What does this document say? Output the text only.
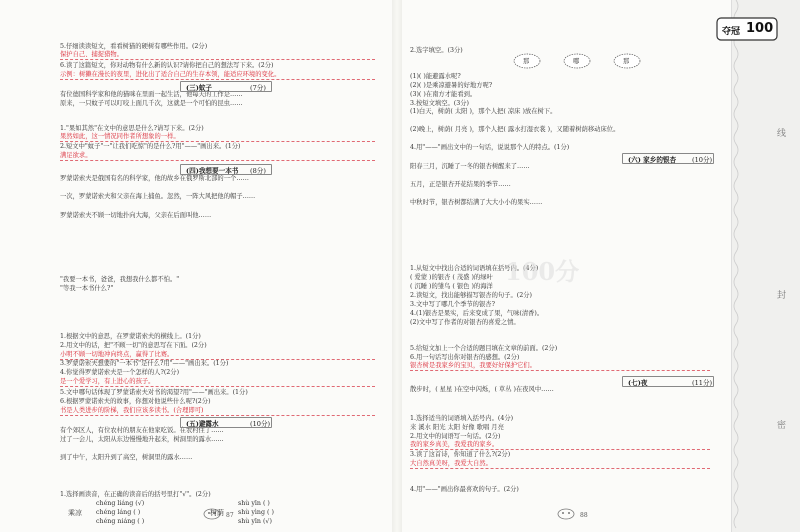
5.仔细读读短文，看看树猫的硬树有哪些作用。(2分)
保护自己、捕捉猎物。
6.读了这篇短文，你对动物有什么新的认识?请你把自己的想法写下来。(2分)
示例：树獭在漫长的夜里，进化出了适合自己的生存本领，能适应环境的变化。
有位德国科学家和他的猫咪在里面一起生活，他每天的工作是……
原来，一只蚊子可以叮咬上面几千次，这就是一个可怕的昆虫……
1."果如其然"在文中的意思是什么?请写下来。(2分)
果然如此，这一情况同作者所想象的一样。
2.短文中"蚊子"一"让我们吃惊"的是什么?用"——"画出来。(1分)
满足欲求。
罗蒙诺索夫是俄国有名的科学家，他的故乡在俄罗斯北部的一个……
一次，罗蒙诺索夫和父亲在海上捕鱼。忽然，一阵大风把他的帽子……
罗蒙诺索夫不顾一切地扑向大海，父亲在后面叫他……
"我要一本书，爸爸，我想我什么都不怕。"
"等我一本书什么?"
1.根据文中的意思，在罗蒙诺索夫的横线上。(1分)
2.用文中的话，把"不顾一切"的意思写在下面。(2分)
小明不顾一切地冲向终点，赢得了比赛。
3.罗蒙诺索夫想要的"一本书"是什么?用"——"画出来。(1分)
4.你觉得罗蒙诺索夫是一个怎样的人?(2分)
是一个爱学习，有上进心的孩子。
5.文中哪句话体现了罗蒙诺索夫对书的渴望?用"——"画出来。(1分)
6.根据罗蒙诺索夫的故事，你想对他说些什么呢?(2分)
书是人类进步的阶梯，我们应该多读书。(合理即可)
有个郊区人，有位农村的朋友在他家吃饭。在农村住了……
过了一会儿，太阳从东边慢慢地升起来，树洞里的露水……
到了中午，太阳升到了高空，树洞里的露水……
1.选择画读音，在正确的读音后的括号里打"√"。(2分)
(三)蚊子	(7分)
(四)我想要一本书 (8分)
(五)避露水	(10分)
87
乘凉
chéng liáng (√)
chéng láng ( )
chéng niáng ( )
树荫
shù yīn ( )
shù yìng ( )
shù yīn (√)
2.选字填空。(3分)
(1)( )能避露水呢?
(2)( )是乘凉避暑的好地方呢?
(3)( )在南方才能看到。
3.按短文填空。(3分)
(1)白天，树荫( 太阳 )，那个人把( 凉床 )放在树下。
(2)晚上，树荫( 月亮 )，那个人把( 露水打湿衣裳 )，又随着树荫移动床位。
4.用"——"画出文中的一句话，说说那个人的特点。(1分)
阳春三月，沉睡了一冬的银杏树醒来了……
五月，正是银杏开花结果的季节……
中秋时节，银杏树都结满了大大小小的果实……
1.从短文中找出合适的词语填在括号内。(4分)
( 爱蒙 )的银杏 ( 茂盛 )的绿叶
( 沉睡 )的雏鸟 ( 银色 )的海洋
2.读短文，找出能够描写银杏的句子。(2分)
3.文中写了哪几个季节的银杏?
4.(1)银杏是果实，后来变成了果，气味(清香)。
(2)文中写了作者的对银杏的喜爱之情。
5.给短文加上一个合适的题目填在文章的前面。(2分)
6.用一句话写出你对银杏的感想。(2分)
银杏树是我家乡的宝贝，我要好好保护它们。
散步时，( 星星 )在空中闪烁，( 草丛 )在夜风中……
1.选择适当的词语填入括号内。(4分)
来 溪水 阳光 太阳 好像 歌唱 月亮
2.用文中的词语写一句话。(2分)
我的家乡真美，我爱我的家乡。
3.读了这首诗，你知道了什么?(2分)
大自然真美呀，我爱大自然。
4.用"——"画出你最喜欢的句子。(2分)
(六) 家乡的银杏 (10分)
(七)夜	(11分)
88
那	哪	那
夺冠 100
线
封
密
100分
